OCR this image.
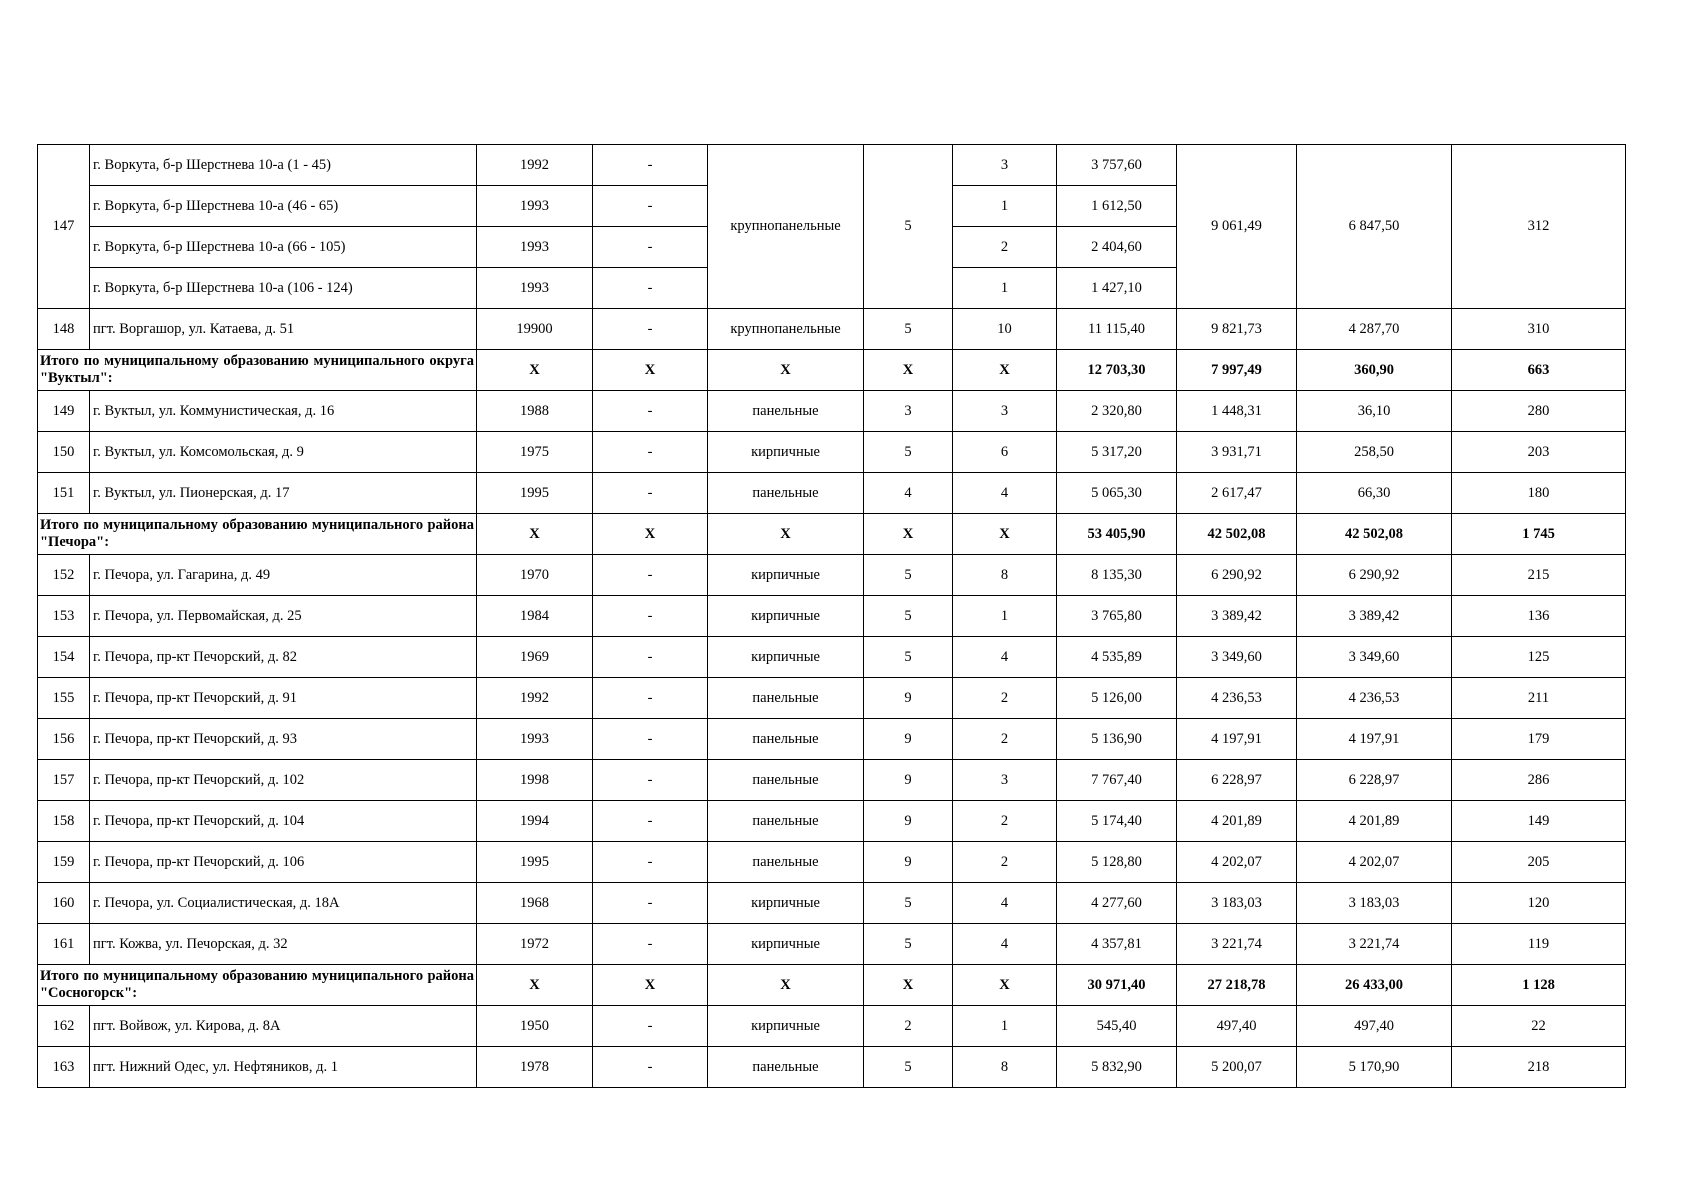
147	г. Воркута, б-р Шерстнева 10-а (1 - 45)	1992	-	крупнопанельные	5	3	3 757,60	9 061,49	6 847,50	312
	г. Воркута, б-р Шерстнева 10-а (46 - 65)	1993	-			1	1 612,50			
	г. Воркута, б-р Шерстнева 10-а (66 - 105)	1993	-			2	2 404,60			
	г. Воркута, б-р Шерстнева 10-а (106 - 124)	1993	-			1	1 427,10			
148	пгт. Воргашор, ул. Катаева, д. 51	19900	-	крупнопанельные	5	10	11 115,40	9 821,73	4 287,70	310
Итого по муниципальному образованию муниципального округа "Вуктыл":		X	X	X	X	X	12 703,30	7 997,49	360,90	663
149	г. Вуктыл, ул. Коммунистическая, д. 16	1988	-	панельные	3	3	2 320,80	1 448,31	36,10	280
150	г. Вуктыл, ул. Комсомольская, д. 9	1975	-	кирпичные	5	6	5 317,20	3 931,71	258,50	203
151	г. Вуктыл, ул. Пионерская, д. 17	1995	-	панельные	4	4	5 065,30	2 617,47	66,30	180
Итого по муниципальному образованию муниципального района "Печора":		X	X	X	X	X	53 405,90	42 502,08	42 502,08	1 745
152	г. Печора, ул. Гагарина, д. 49	1970	-	кирпичные	5	8	8 135,30	6 290,92	6 290,92	215
153	г. Печора, ул. Первомайская, д. 25	1984	-	кирпичные	5	1	3 765,80	3 389,42	3 389,42	136
154	г. Печора, пр-кт Печорский, д. 82	1969	-	кирпичные	5	4	4 535,89	3 349,60	3 349,60	125
155	г. Печора, пр-кт Печорский, д. 91	1992	-	панельные	9	2	5 126,00	4 236,53	4 236,53	211
156	г. Печора, пр-кт Печорский, д. 93	1993	-	панельные	9	2	5 136,90	4 197,91	4 197,91	179
157	г. Печора, пр-кт Печорский, д. 102	1998	-	панельные	9	3	7 767,40	6 228,97	6 228,97	286
158	г. Печора, пр-кт Печорский, д. 104	1994	-	панельные	9	2	5 174,40	4 201,89	4 201,89	149
159	г. Печора, пр-кт Печорский, д. 106	1995	-	панельные	9	2	5 128,80	4 202,07	4 202,07	205
160	г. Печора, ул. Социалистическая, д. 18А	1968	-	кирпичные	5	4	4 277,60	3 183,03	3 183,03	120
161	пгт. Кожва, ул. Печорская, д. 32	1972	-	кирпичные	5	4	4 357,81	3 221,74	3 221,74	119
Итого по муниципальному образованию муниципального района "Сосногорск":		X	X	X	X	X	30 971,40	27 218,78	26 433,00	1 128
162	пгт. Войвож, ул. Кирова, д. 8А	1950	-	кирпичные	2	1	545,40	497,40	497,40	22
163	пгт. Нижний Одес, ул. Нефтяников, д. 1	1978	-	панельные	5	8	5 832,90	5 200,07	5 170,90	218
